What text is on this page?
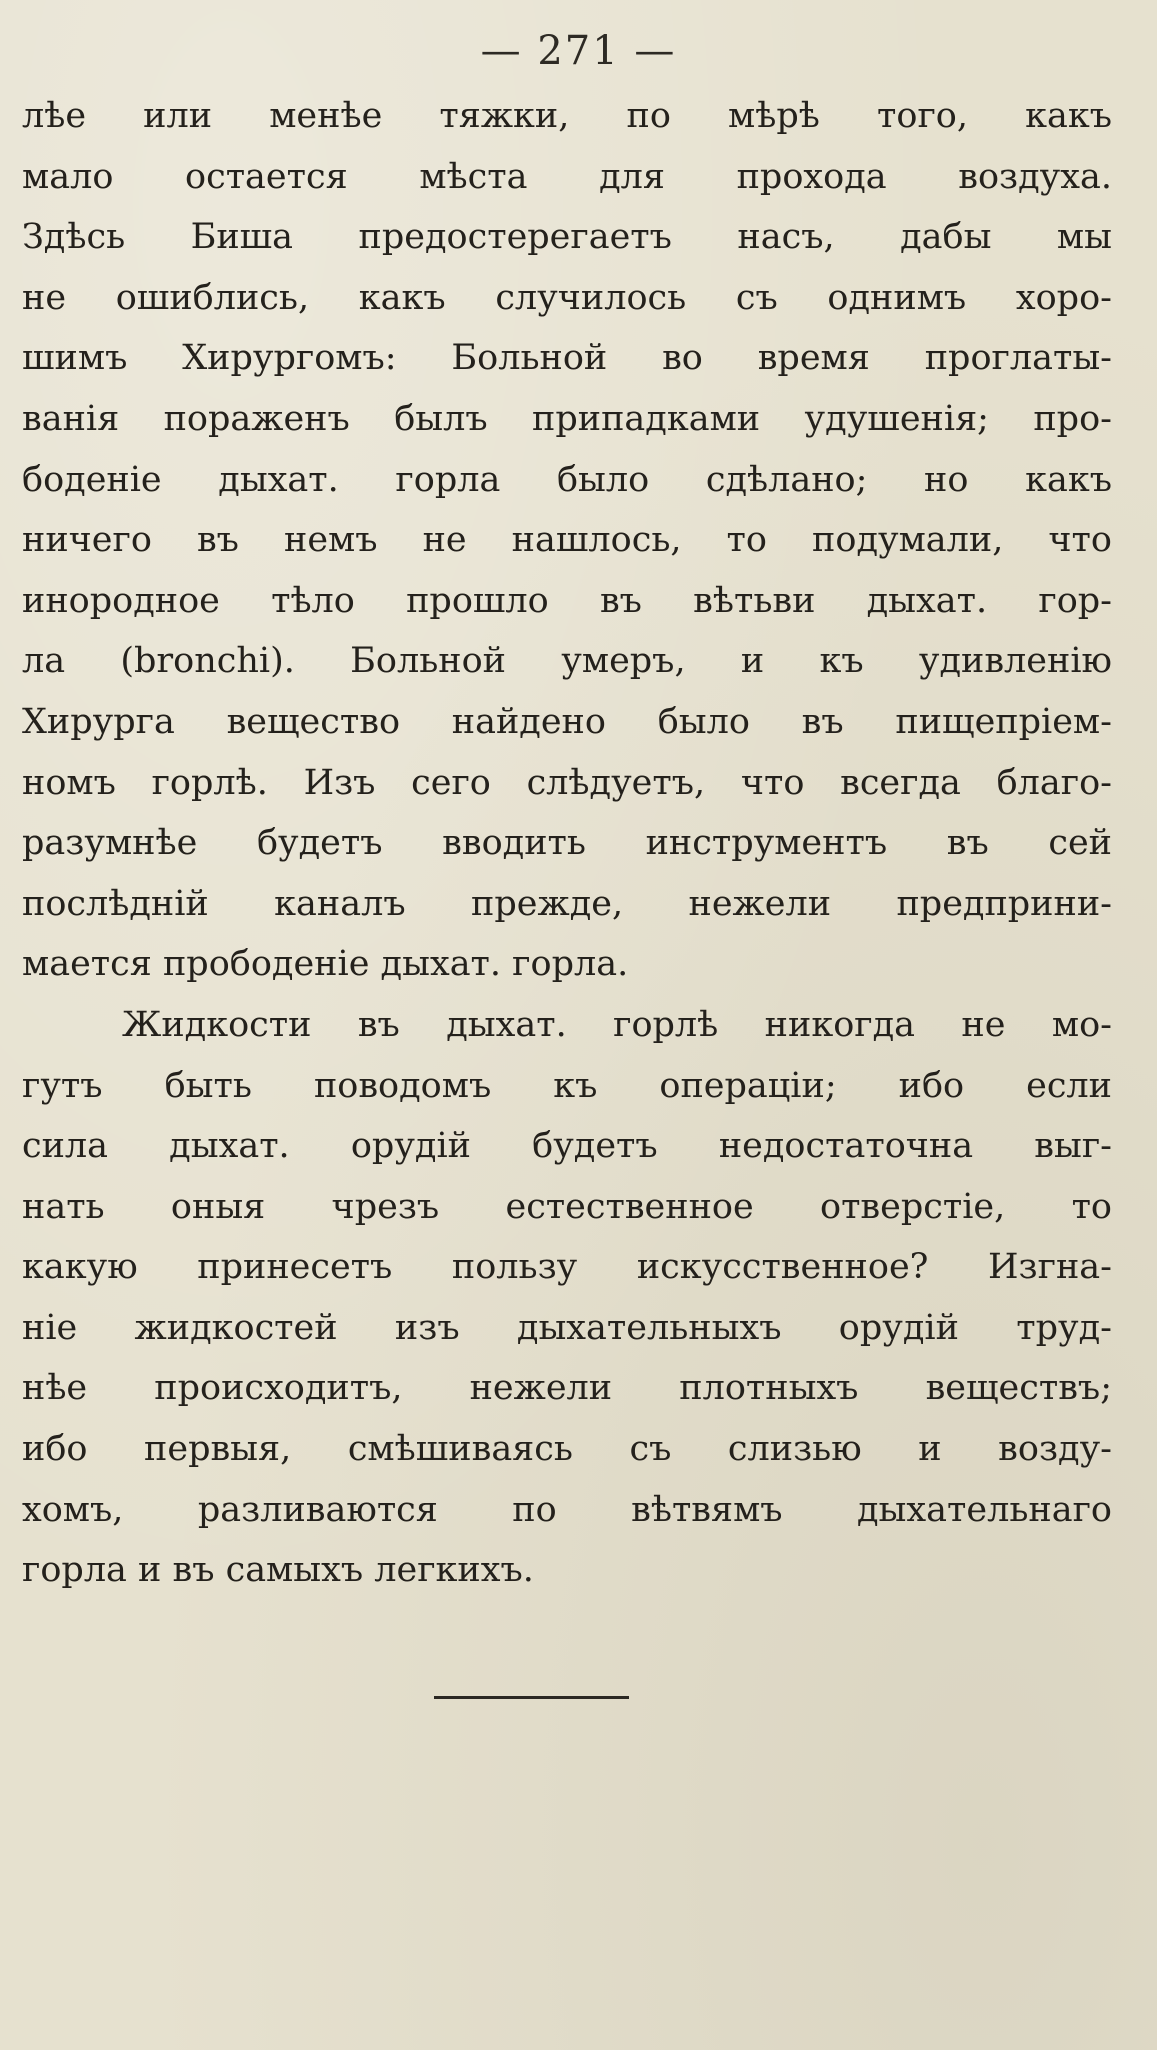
— 271 —
лѣе или менѣе тяжки, по мѣрѣ того, какъ
мало остается мѣста для прохода воздуха.
Здѣсь Биша предостерегаетъ насъ, дабы мы
не ошиблись, какъ случилось съ однимъ хоро-
шимъ Хирургомъ: Больной во время проглаты-
ванія пораженъ былъ припадками удушенія; про-
боденіе дыхат. горла было сдѣлано; но какъ
ничего въ немъ не нашлось, то подумали, что
инородное тѣло прошло въ вѣтьви дыхат. гор-
ла (bronchi). Больной умеръ, и къ удивленію
Хирурга вещество найдено было въ пищепріем-
номъ горлѣ. Изъ сего слѣдуетъ, что всегда благо-
разумнѣе будетъ вводить инструментъ въ сей
послѣдній каналъ прежде, нежели предприни-
мается прободеніе дыхат. горла.
Жидкости въ дыхат. горлѣ никогда не мо-
гутъ быть поводомъ къ операціи; ибо если
сила дыхат. орудій будетъ недостаточна выг-
нать оныя чрезъ естественное отверстіе, то
какую принесетъ пользу искусственное? Изгна-
ніе жидкостей изъ дыхательныхъ орудій труд-
нѣе происходитъ, нежели плотныхъ веществъ;
ибо первыя, смѣшиваясь съ слизью и возду-
хомъ, разливаются по вѣтвямъ дыхательнаго
горла и въ самыхъ легкихъ.
